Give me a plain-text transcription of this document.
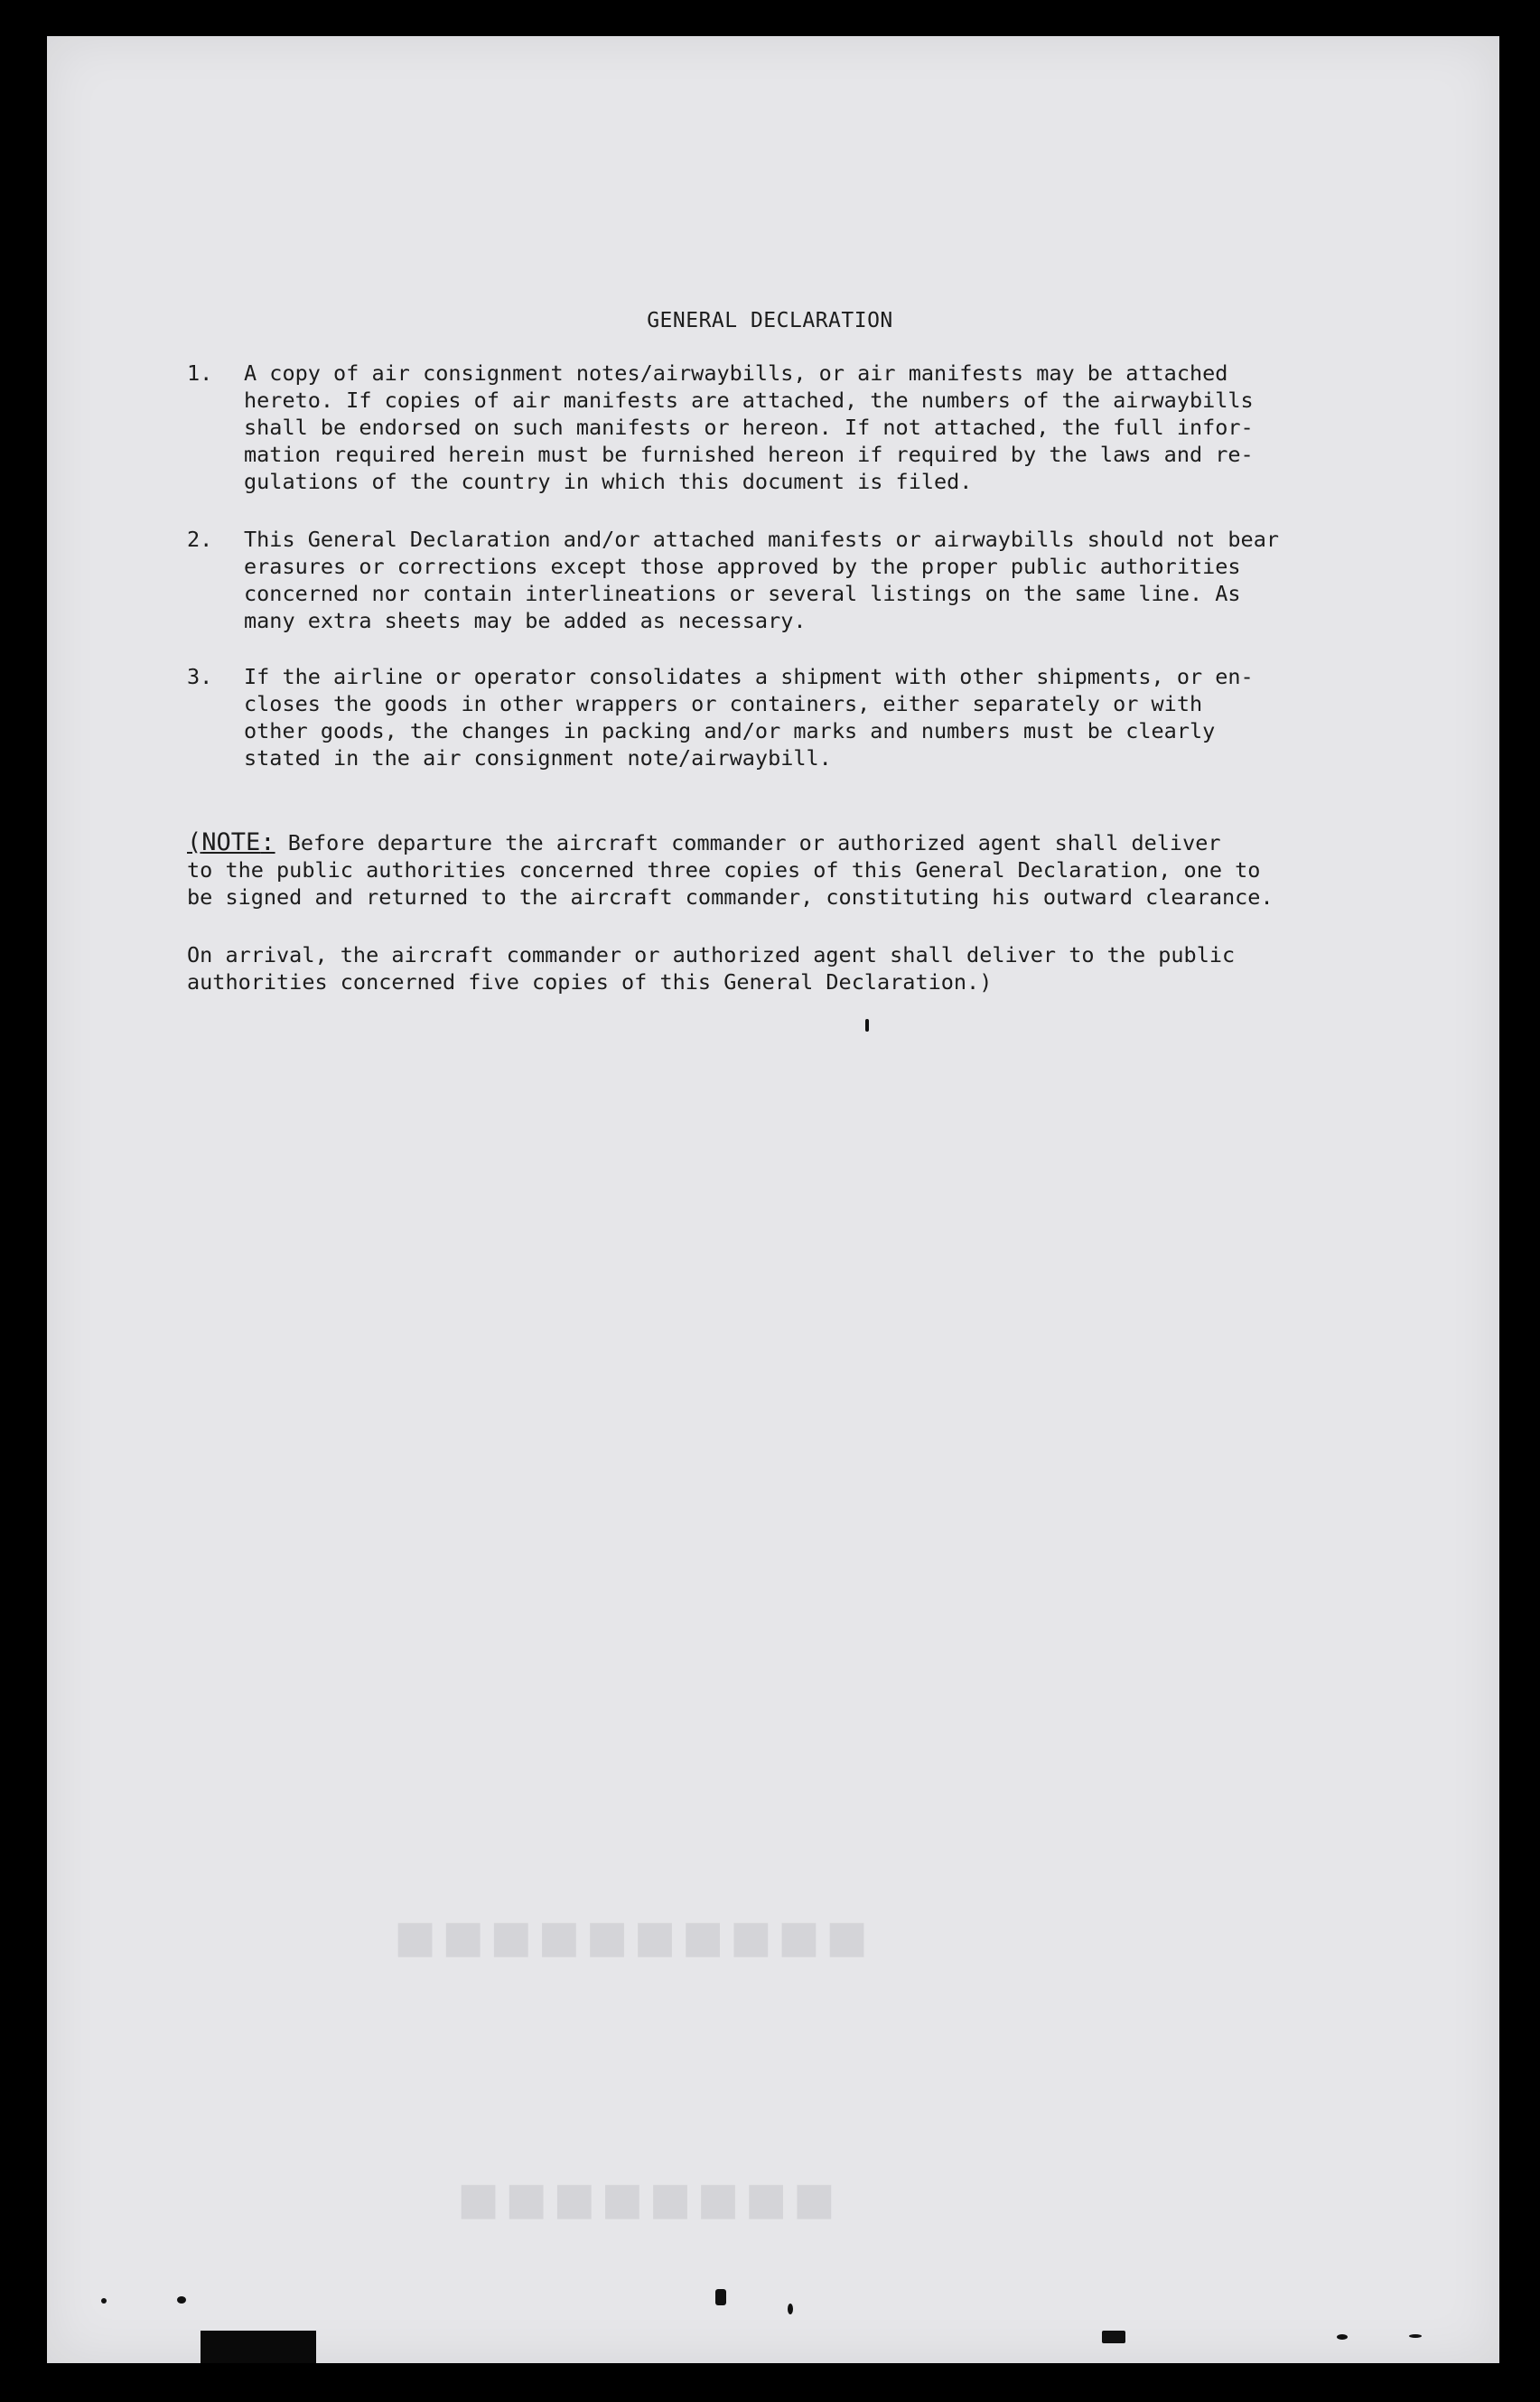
GENERAL DECLARATION
1. A copy of air consignment notes/airwaybills, or air manifests may be attached
hereto. If copies of air manifests are attached, the numbers of the airwaybills
shall be endorsed on such manifests or hereon. If not attached, the full infor-
mation required herein must be furnished hereon if required by the laws and re-
gulations of the country in which this document is filed.
2. This General Declaration and/or attached manifests or airwaybills should not bear
erasures or corrections except those approved by the proper public authorities
concerned nor contain interlineations or several listings on the same line. As
many extra sheets may be added as necessary.
3. If the airline or operator consolidates a shipment with other shipments, or en-
closes the goods in other wrappers or containers, either separately or with
other goods, the changes in packing and/or marks and numbers must be clearly
stated in the air consignment note/airwaybill.
(NOTE: Before departure the aircraft commander or authorized agent shall deliver
to the public authorities concerned three copies of this General Declaration, one to
be signed and returned to the aircraft commander, constituting his outward clearance.
On arrival, the aircraft commander or authorized agent shall deliver to the public
authorities concerned five copies of this General Declaration.)
